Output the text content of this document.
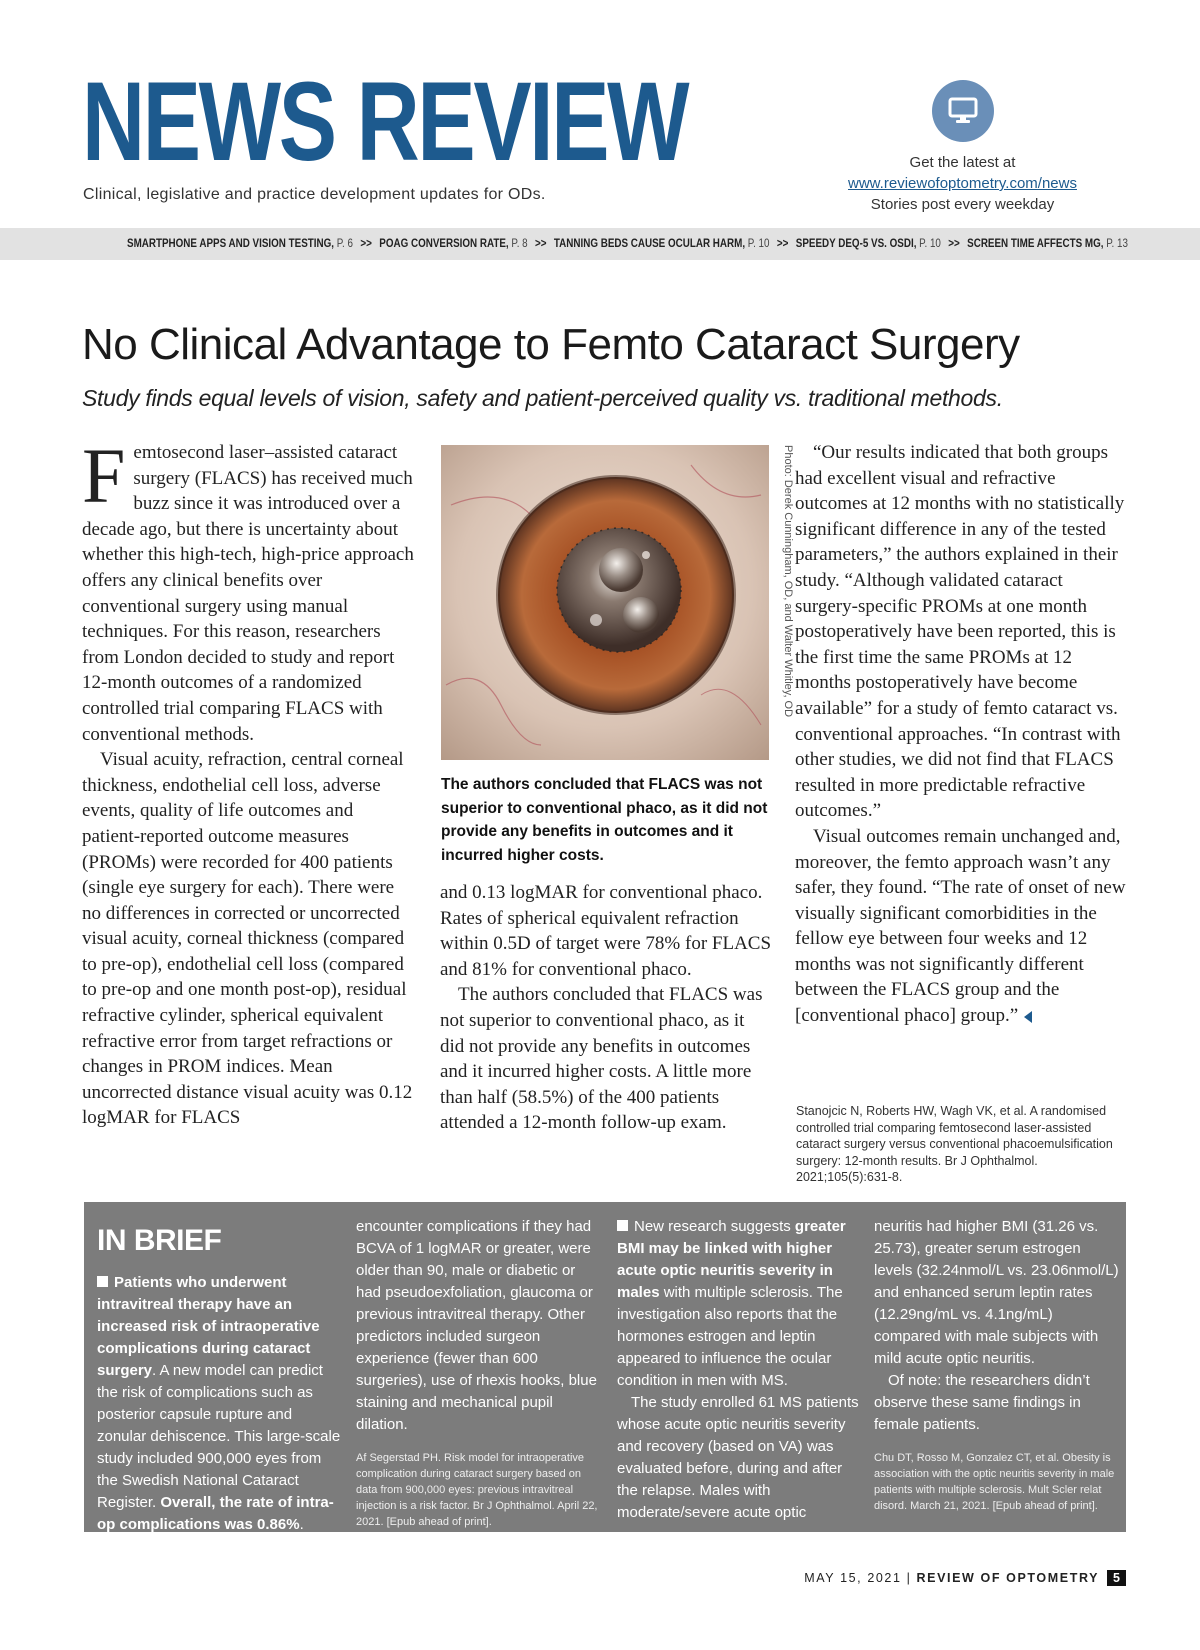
NEWS REVIEW
Clinical, legislative and practice development updates for ODs.
Get the latest at
www.reviewofoptometry.com/news
Stories post every weekday
SMARTPHONE APPS AND VISION TESTING, P. 6 >> POAG CONVERSION RATE, P. 8 >> TANNING BEDS CAUSE OCULAR HARM, P. 10 >> SPEEDY DEQ-5 VS. OSDI, P. 10 >> SCREEN TIME AFFECTS MG, P. 13
No Clinical Advantage to Femto Cataract Surgery
Study finds equal levels of vision, safety and patient-perceived quality vs. traditional methods.

Femtosecond laser–assisted cataract surgery (FLACS) has received much buzz since it was introduced over a decade ago, but there is uncertainty about whether this high-tech, high-price approach offers any clinical benefits over conventional surgery using manual techniques. For this reason, researchers from London decided to study and report 12-month outcomes of a randomized controlled trial comparing FLACS with conventional methods.

Visual acuity, refraction, central corneal thickness, endothelial cell loss, adverse events, quality of life outcomes and patient-reported outcome measures (PROMs) were recorded for 400 patients (single eye surgery for each). There were no differences in corrected or uncorrected visual acuity, corneal thickness (compared to pre-op), endothelial cell loss (compared to pre-op and one month post-op), residual refractive cylinder, spherical equivalent refractive error from target refractions or changes in PROM indices. Mean uncorrected distance visual acuity was 0.12 logMAR for FLACS

Photo: Derek Cunningham, OD, and Walter Whitley, OD
The authors concluded that FLACS was not superior to conventional phaco, as it did not provide any benefits in outcomes and it incurred higher costs.

and 0.13 logMAR for conventional phaco. Rates of spherical equivalent refraction within 0.5D of target were 78% for FLACS and 81% for conventional phaco.

The authors concluded that FLACS was not superior to conventional phaco, as it did not provide any benefits in outcomes and it incurred higher costs. A little more than half (58.5%) of the 400 patients attended a 12-month follow-up exam.

“Our results indicated that both groups had excellent visual and refractive outcomes at 12 months with no statistically significant difference in any of the tested parameters,” the authors explained in their study. “Although validated cataract surgery-specific PROMs at one month postoperatively have been reported, this is the first time the same PROMs at 12 months postoperatively have become available” for a study of femto cataract vs. conventional approaches. “In contrast with other studies, we did not find that FLACS resulted in more predictable refractive outcomes.”

Visual outcomes remain unchanged and, moreover, the femto approach wasn’t any safer, they found. “The rate of onset of new visually significant comorbidities in the fellow eye between four weeks and 12 months was not significantly different between the FLACS group and the [conventional phaco] group.”

Stanojcic N, Roberts HW, Wagh VK, et al. A randomised controlled trial comparing femtosecond laser-assisted cataract surgery versus conventional phacoemulsification surgery: 12-month results. Br J Ophthalmol. 2021;105(5):631-8.
IN BRIEF

Patients who underwent intravitreal therapy have an increased risk of intraoperative complications during cataract surgery. A new model can predict the risk of complications such as posterior capsule rupture and zonular dehiscence. This large-scale study included 900,000 eyes from the Swedish National Cataract Register. Overall, the rate of intra-op complications was 0.86%. Patients were more likely to

encounter complications if they had BCVA of 1 logMAR or greater, were older than 90, male or diabetic or had pseudoexfoliation, glaucoma or previous intravitreal therapy. Other predictors included surgeon experience (fewer than 600 surgeries), use of rhexis hooks, blue staining and mechanical pupil dilation.

Af Segerstad PH. Risk model for intraoperative complication during cataract surgery based on data from 900,000 eyes: previous intravitreal injection is a risk factor. Br J Ophthalmol. April 22, 2021. [Epub ahead of print].

New research suggests greater BMI may be linked with higher acute optic neuritis severity in males with multiple sclerosis. The investigation also reports that the hormones estrogen and leptin appeared to influence the ocular condition in men with MS.

The study enrolled 61 MS patients whose acute optic neuritis severity and recovery (based on VA) was evaluated before, during and after the relapse. Males with moderate/severe acute optic

neuritis had higher BMI (31.26 vs. 25.73), greater serum estrogen levels (32.24nmol/L vs. 23.06nmol/L) and enhanced serum leptin rates (12.29ng/mL vs. 4.1ng/mL) compared with male subjects with mild acute optic neuritis.

Of note: the researchers didn’t observe these same findings in female patients.

Chu DT, Rosso M, Gonzalez CT, et al. Obesity is association with the optic neuritis severity in male patients with multiple sclerosis. Mult Scler relat disord. March 21, 2021. [Epub ahead of print].

MAY 15, 2021 | REVIEW OF OPTOMETRY 5
